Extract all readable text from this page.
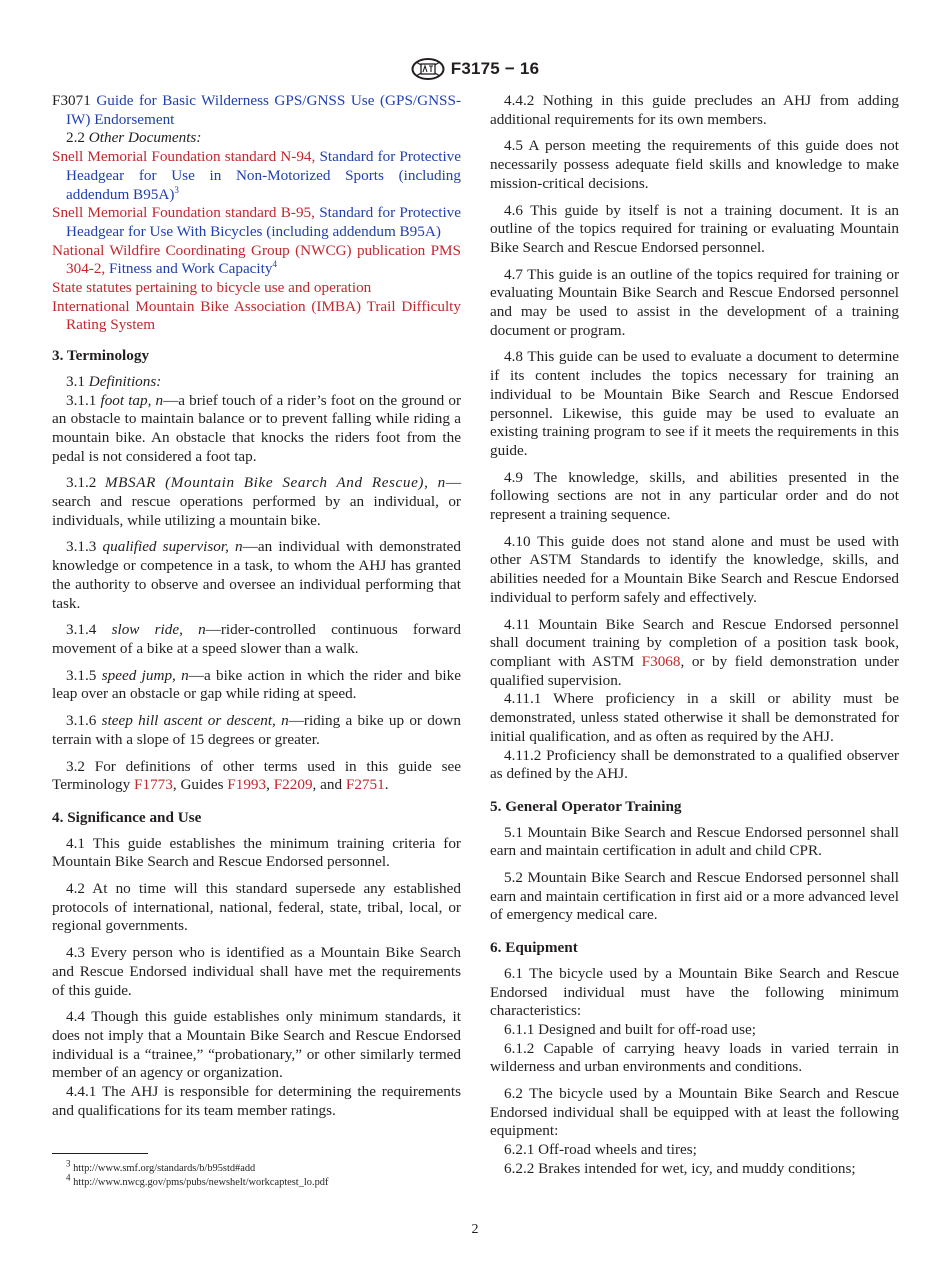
F3175 − 16
F3071 Guide for Basic Wilderness GPS/GNSS Use (GPS/GNSS-IW) Endorsement

2.2 Other Documents:

Snell Memorial Foundation standard N-94, Standard for Protective Headgear for Use in Non-Motorized Sports (including addendum B95A)$^3$
Snell Memorial Foundation standard B-95, Standard for Protective Headgear for Use With Bicycles (including addendum B95A)
National Wildfire Coordinating Group (NWCG) publication PMS 304-2, Fitness and Work Capacity$^4$
State statutes pertaining to bicycle use and operation
International Mountain Bike Association (IMBA) Trail Difficulty Rating System
3. Terminology

3.1 Definitions:

3.1.1 foot tap, n—a brief touch of a rider’s foot on the ground or an obstacle to maintain balance or to prevent falling while riding a mountain bike. An obstacle that knocks the riders foot from the pedal is not considered a foot tap.

3.1.2 MBSAR (Mountain Bike Search And Rescue), n—search and rescue operations performed by an individual, or individuals, while utilizing a mountain bike.

3.1.3 qualified supervisor, n—an individual with demonstrated knowledge or competence in a task, to whom the AHJ has granted the authority to observe and oversee an individual performing that task.

3.1.4 slow ride, n—rider-controlled continuous forward movement of a bike at a speed slower than a walk.

3.1.5 speed jump, n—a bike action in which the rider and bike leap over an obstacle or gap while riding at speed.

3.1.6 steep hill ascent or descent, n—riding a bike up or down terrain with a slope of 15 degrees or greater.

3.2 For definitions of other terms used in this guide see Terminology F1773, Guides F1993, F2209, and F2751.

4. Significance and Use

4.1 This guide establishes the minimum training criteria for Mountain Bike Search and Rescue Endorsed personnel.

4.2 At no time will this standard supersede any established protocols of international, national, federal, state, tribal, local, or regional governments.

4.3 Every person who is identified as a Mountain Bike Search and Rescue Endorsed individual shall have met the requirements of this guide.

4.4 Though this guide establishes only minimum standards, it does not imply that a Mountain Bike Search and Rescue Endorsed individual is a “trainee,” “probationary,” or other similarly termed member of an agency or organization.

4.4.1 The AHJ is responsible for determining the requirements and qualifications for its team member ratings.

4.4.2 Nothing in this guide precludes an AHJ from adding additional requirements for its own members.

4.5 A person meeting the requirements of this guide does not necessarily possess adequate field skills and knowledge to make mission-critical decisions.

4.6 This guide by itself is not a training document. It is an outline of the topics required for training or evaluating Mountain Bike Search and Rescue Endorsed personnel.

4.7 This guide is an outline of the topics required for training or evaluating Mountain Bike Search and Rescue Endorsed personnel and may be used to assist in the development of a training document or program.

4.8 This guide can be used to evaluate a document to determine if its content includes the topics necessary for training an individual to be Mountain Bike Search and Rescue Endorsed personnel. Likewise, this guide may be used to evaluate an existing training program to see if it meets the requirements in this guide.

4.9 The knowledge, skills, and abilities presented in the following sections are not in any particular order and do not represent a training sequence.

4.10 This guide does not stand alone and must be used with other ASTM Standards to identify the knowledge, skills, and abilities needed for a Mountain Bike Search and Rescue Endorsed individual to perform safely and effectively.

4.11 Mountain Bike Search and Rescue Endorsed personnel shall document training by completion of a position task book, compliant with ASTM F3068, or by field demonstration under qualified supervision.

4.11.1 Where proficiency in a skill or ability must be demonstrated, unless stated otherwise it shall be demonstrated for initial qualification, and as often as required by the AHJ.

4.11.2 Proficiency shall be demonstrated to a qualified observer as defined by the AHJ.

5. General Operator Training

5.1 Mountain Bike Search and Rescue Endorsed personnel shall earn and maintain certification in adult and child CPR.

5.2 Mountain Bike Search and Rescue Endorsed personnel shall earn and maintain certification in first aid or a more advanced level of emergency medical care.

6. Equipment

6.1 The bicycle used by a Mountain Bike Search and Rescue Endorsed individual must have the following minimum characteristics:

6.1.1 Designed and built for off-road use;

6.1.2 Capable of carrying heavy loads in varied terrain in wilderness and urban environments and conditions.

6.2 The bicycle used by a Mountain Bike Search and Rescue Endorsed individual shall be equipped with at least the following equipment:

6.2.1 Off-road wheels and tires;

6.2.2 Brakes intended for wet, icy, and muddy conditions;

$^3$ http://www.smf.org/standards/b/b95std#add
$^4$ http://www.nwcg.gov/pms/pubs/newshelt/workcaptest_lo.pdf
2
